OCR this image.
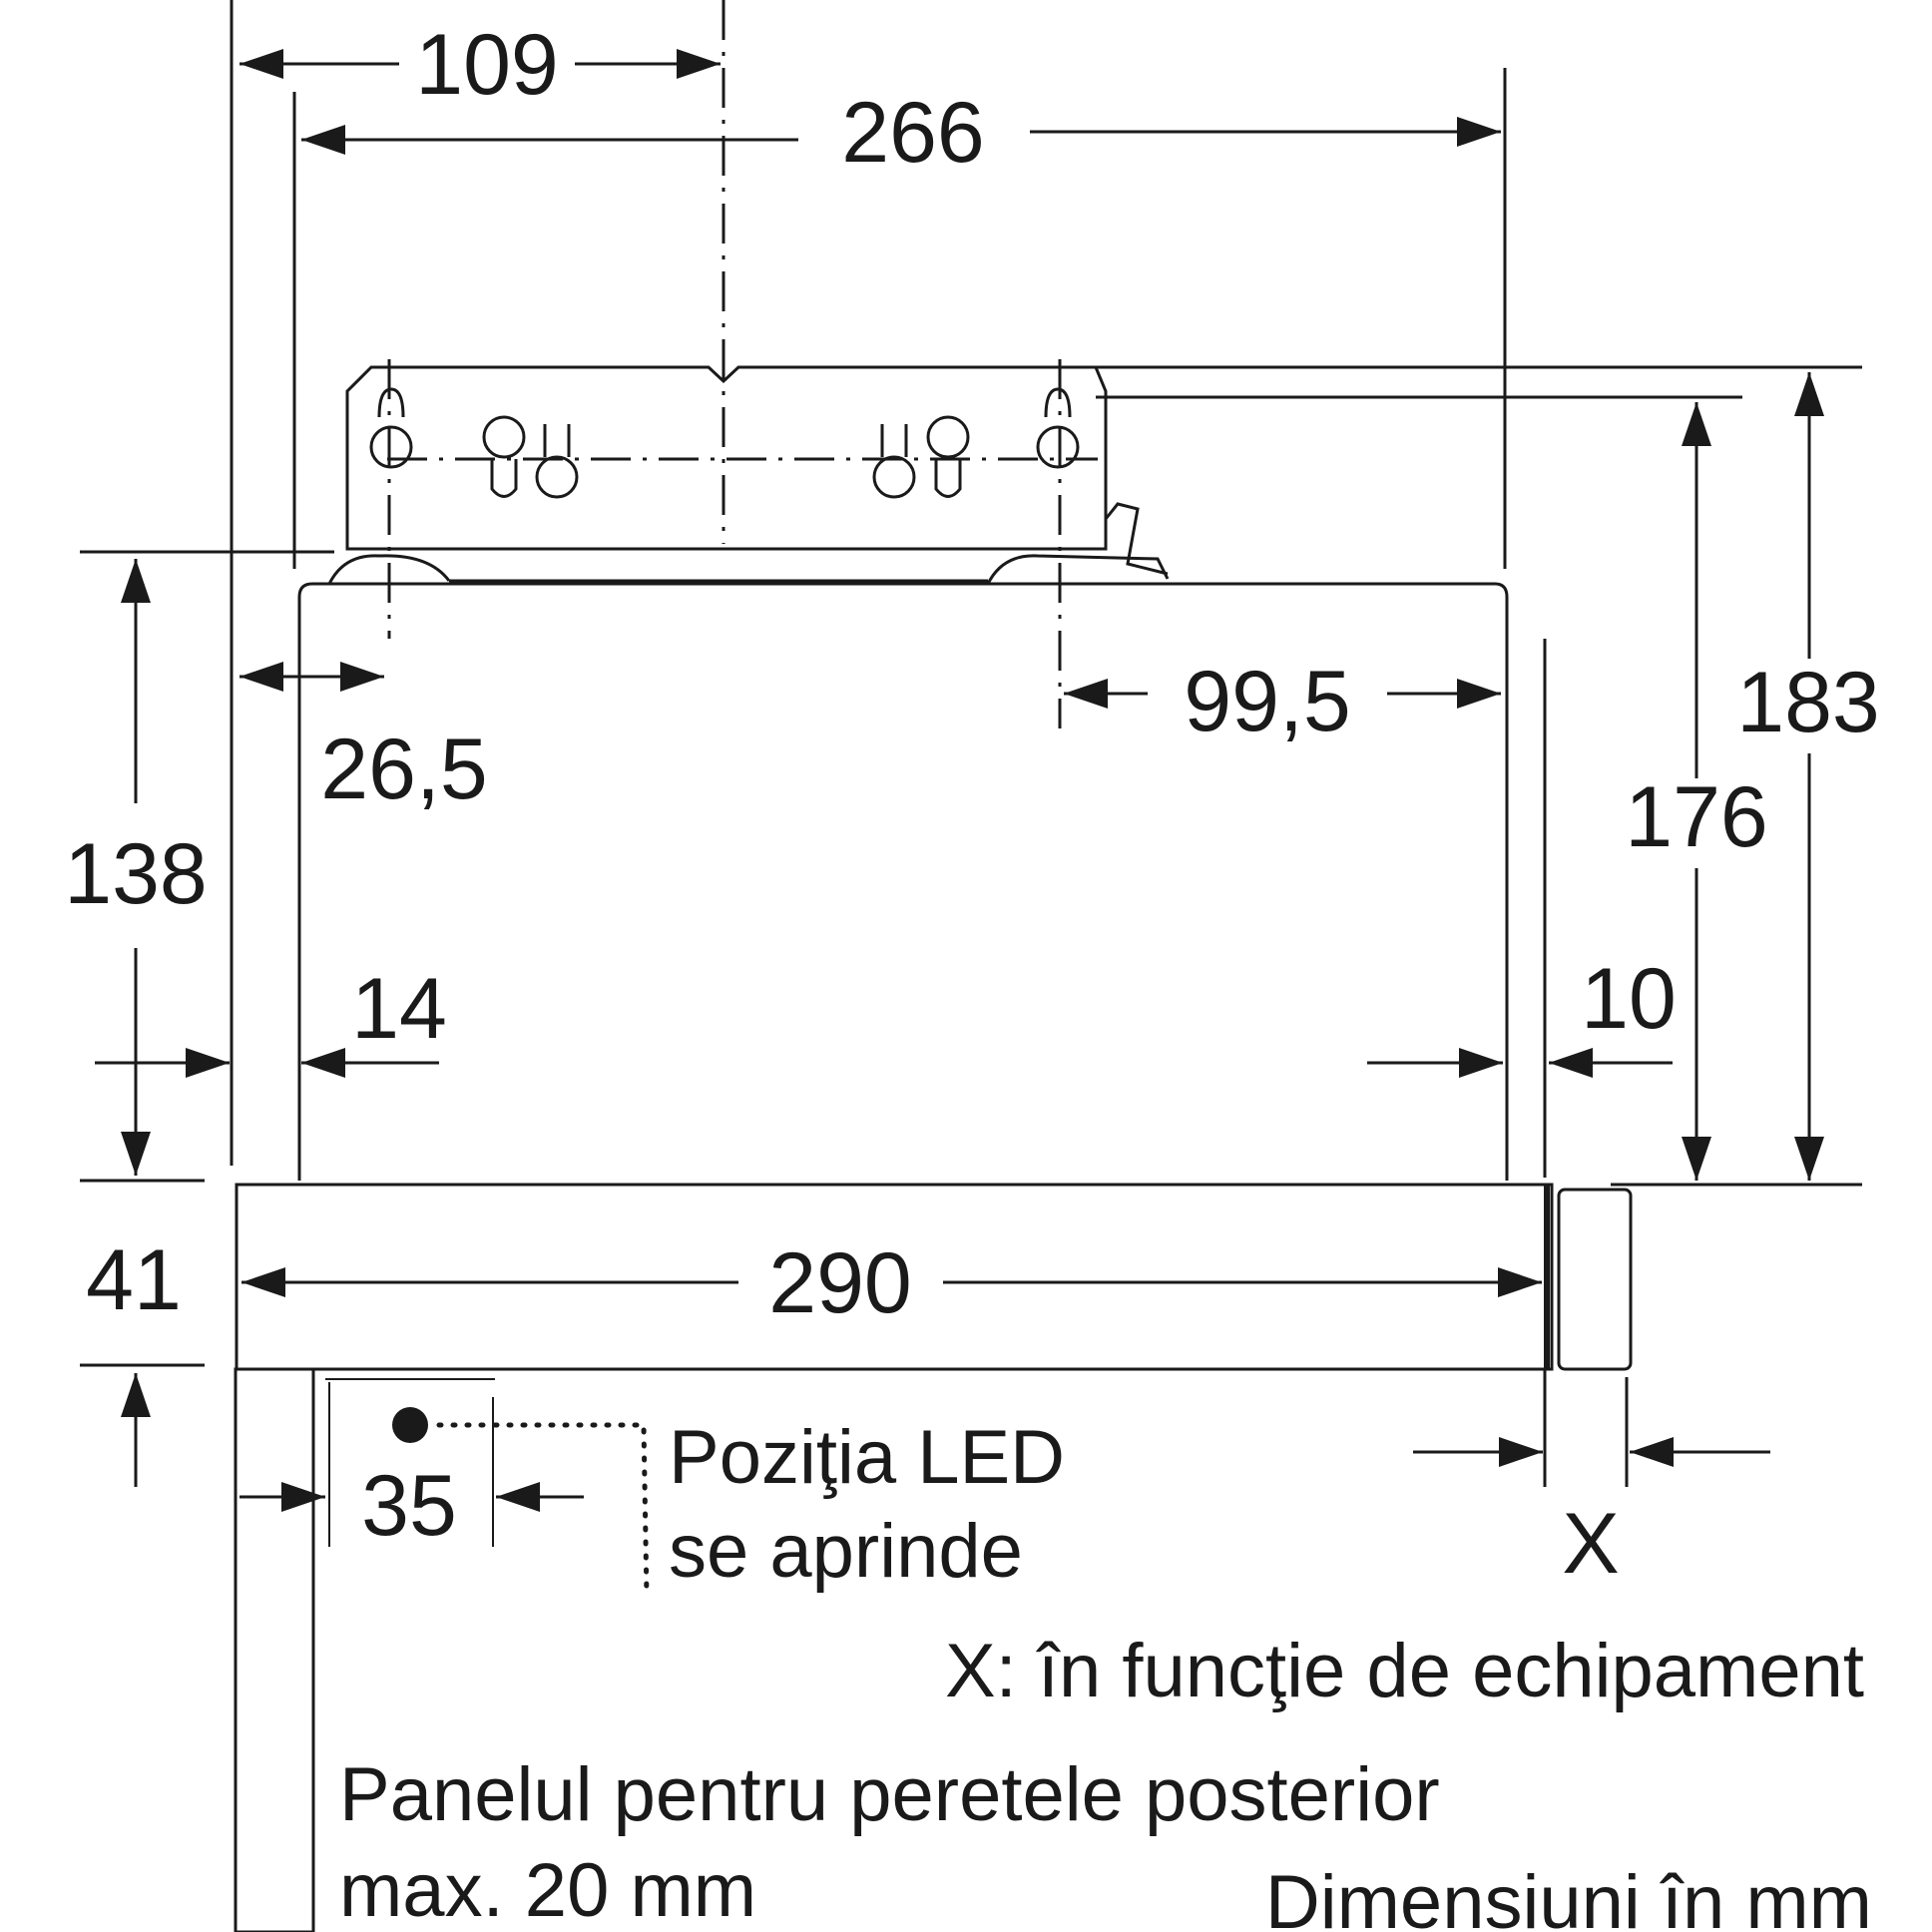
109
266
26,5
99,5
138
14
41	290
35
183
176
10
X
Poziţia LED
se aprinde
X: în funcţie de echipament
Panelul pentru peretele posterior
max. 20 mm	Dimensiuni în mm
